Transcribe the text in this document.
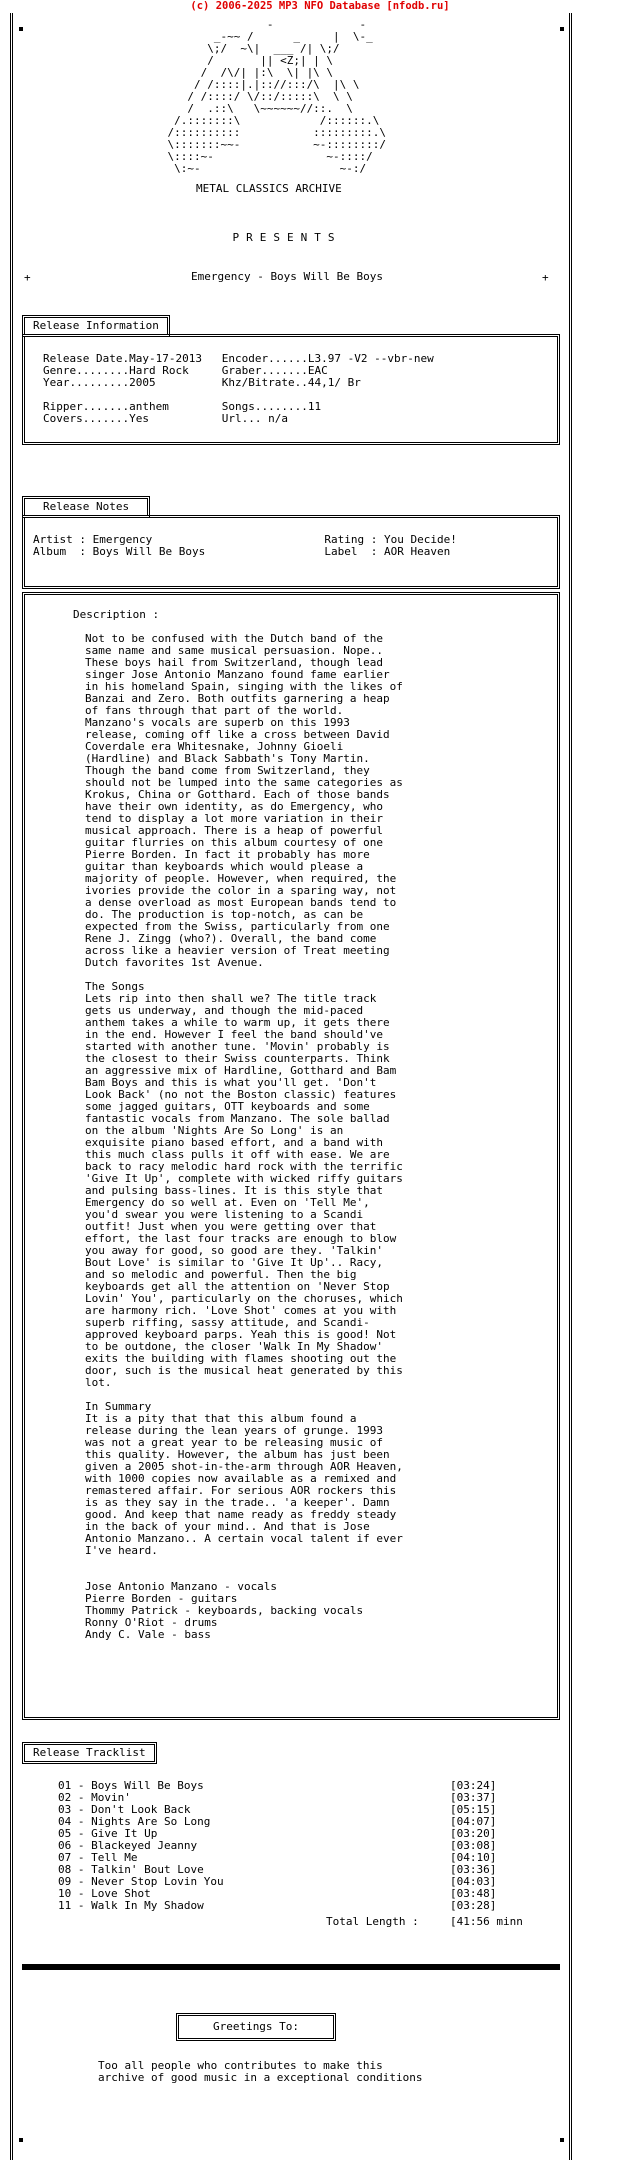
(c) 2006-2025 MP3 NFO Database [nfodb.ru]
-             -
_-~~ /      _     |  \-_
\;/  ~\|  ___ /| \;/
/       || <Z;| | \
/  /\/| |:\  \| |\ \
/ /::::|.|:://:::/\  |\ \
/ /::::/ \/::/:::::\  \ \
/  .::\   \~~~~~~//::.  \
/.:::::::\            /::::::.\
/::::::::::           :::::::::.\
\:::::::~~-           ~-::::::::/
\::::~-                 ~-::::/
\:~-                     ~-:/
METAL CLASSICS ARCHIVE
PRESENTS
+	Emergency - Boys Will Be Boys	+
Release Information
Release Date.May-17-2013   Encoder......L3.97 -V2 --vbr-new
Genre........Hard Rock     Graber.......EAC
Year.........2005          Khz/Bitrate..44,1/ Br

Ripper.......anthem        Songs........11
Covers.......Yes           Url... n/a
Release Notes
Artist : Emergency                          Rating : You Decide!
Album  : Boys Will Be Boys                  Label  : AOR Heaven
Description :
Not to be confused with the Dutch band of the
same name and same musical persuasion. Nope..
These boys hail from Switzerland, though lead
singer Jose Antonio Manzano found fame earlier
in his homeland Spain, singing with the likes of
Banzai and Zero. Both outfits garnering a heap
of fans through that part of the world.
Manzano's vocals are superb on this 1993
release, coming off like a cross between David
Coverdale era Whitesnake, Johnny Gioeli
(Hardline) and Black Sabbath's Tony Martin.
Though the band come from Switzerland, they
should not be lumped into the same categories as
Krokus, China or Gotthard. Each of those bands
have their own identity, as do Emergency, who
tend to display a lot more variation in their
musical approach. There is a heap of powerful
guitar flurries on this album courtesy of one
Pierre Borden. In fact it probably has more
guitar than keyboards which would please a
majority of people. However, when required, the
ivories provide the color in a sparing way, not
a dense overload as most European bands tend to
do. The production is top-notch, as can be
expected from the Swiss, particularly from one
Rene J. Zingg (who?). Overall, the band come
across like a heavier version of Treat meeting
Dutch favorites 1st Avenue.

The Songs
Lets rip into then shall we? The title track
gets us underway, and though the mid-paced
anthem takes a while to warm up, it gets there
in the end. However I feel the band should've
started with another tune. 'Movin' probably is
the closest to their Swiss counterparts. Think
an aggressive mix of Hardline, Gotthard and Bam
Bam Boys and this is what you'll get. 'Don't
Look Back' (no not the Boston classic) features
some jagged guitars, OTT keyboards and some
fantastic vocals from Manzano. The sole ballad
on the album 'Nights Are So Long' is an
exquisite piano based effort, and a band with
this much class pulls it off with ease. We are
back to racy melodic hard rock with the terrific
'Give It Up', complete with wicked riffy guitars
and pulsing bass-lines. It is this style that
Emergency do so well at. Even on 'Tell Me',
you'd swear you were listening to a Scandi
outfit! Just when you were getting over that
effort, the last four tracks are enough to blow
you away for good, so good are they. 'Talkin'
Bout Love' is similar to 'Give It Up'.. Racy,
and so melodic and powerful. Then the big
keyboards get all the attention on 'Never Stop
Lovin' You', particularly on the choruses, which
are harmony rich. 'Love Shot' comes at you with
superb riffing, sassy attitude, and Scandi-
approved keyboard parps. Yeah this is good! Not
to be outdone, the closer 'Walk In My Shadow'
exits the building with flames shooting out the
door, such is the musical heat generated by this
lot.

In Summary
It is a pity that that this album found a
release during the lean years of grunge. 1993
was not a great year to be releasing music of
this quality. However, the album has just been
given a 2005 shot-in-the-arm through AOR Heaven,
with 1000 copies now available as a remixed and
remastered affair. For serious AOR rockers this
is as they say in the trade.. 'a keeper'. Damn
good. And keep that name ready as freddy steady
in the back of your mind.. And that is Jose
Antonio Manzano.. A certain vocal talent if ever
I've heard.

Jose Antonio Manzano - vocals
Pierre Borden - guitars
Thommy Patrick - keyboards, backing vocals
Ronny O'Riot - drums
Andy C. Vale - bass
Release Tracklist
01 - Boys Will Be Boys	[03:24]
02 - Movin'	[03:37]
03 - Don't Look Back	[05:15]
04 - Nights Are So Long	[04:07]
05 - Give It Up	[03:20]
06 - Blackeyed Jeanny	[03:08]
07 - Tell Me	[04:10]
08 - Talkin' Bout Love	[03:36]
09 - Never Stop Lovin You	[04:03]
10 - Love Shot	[03:48]
11 - Walk In My Shadow	[03:28]
Total Length :	[41:56 minn
Greetings To:
Too all people who contributes to make this
archive of good music in a exceptional conditions
